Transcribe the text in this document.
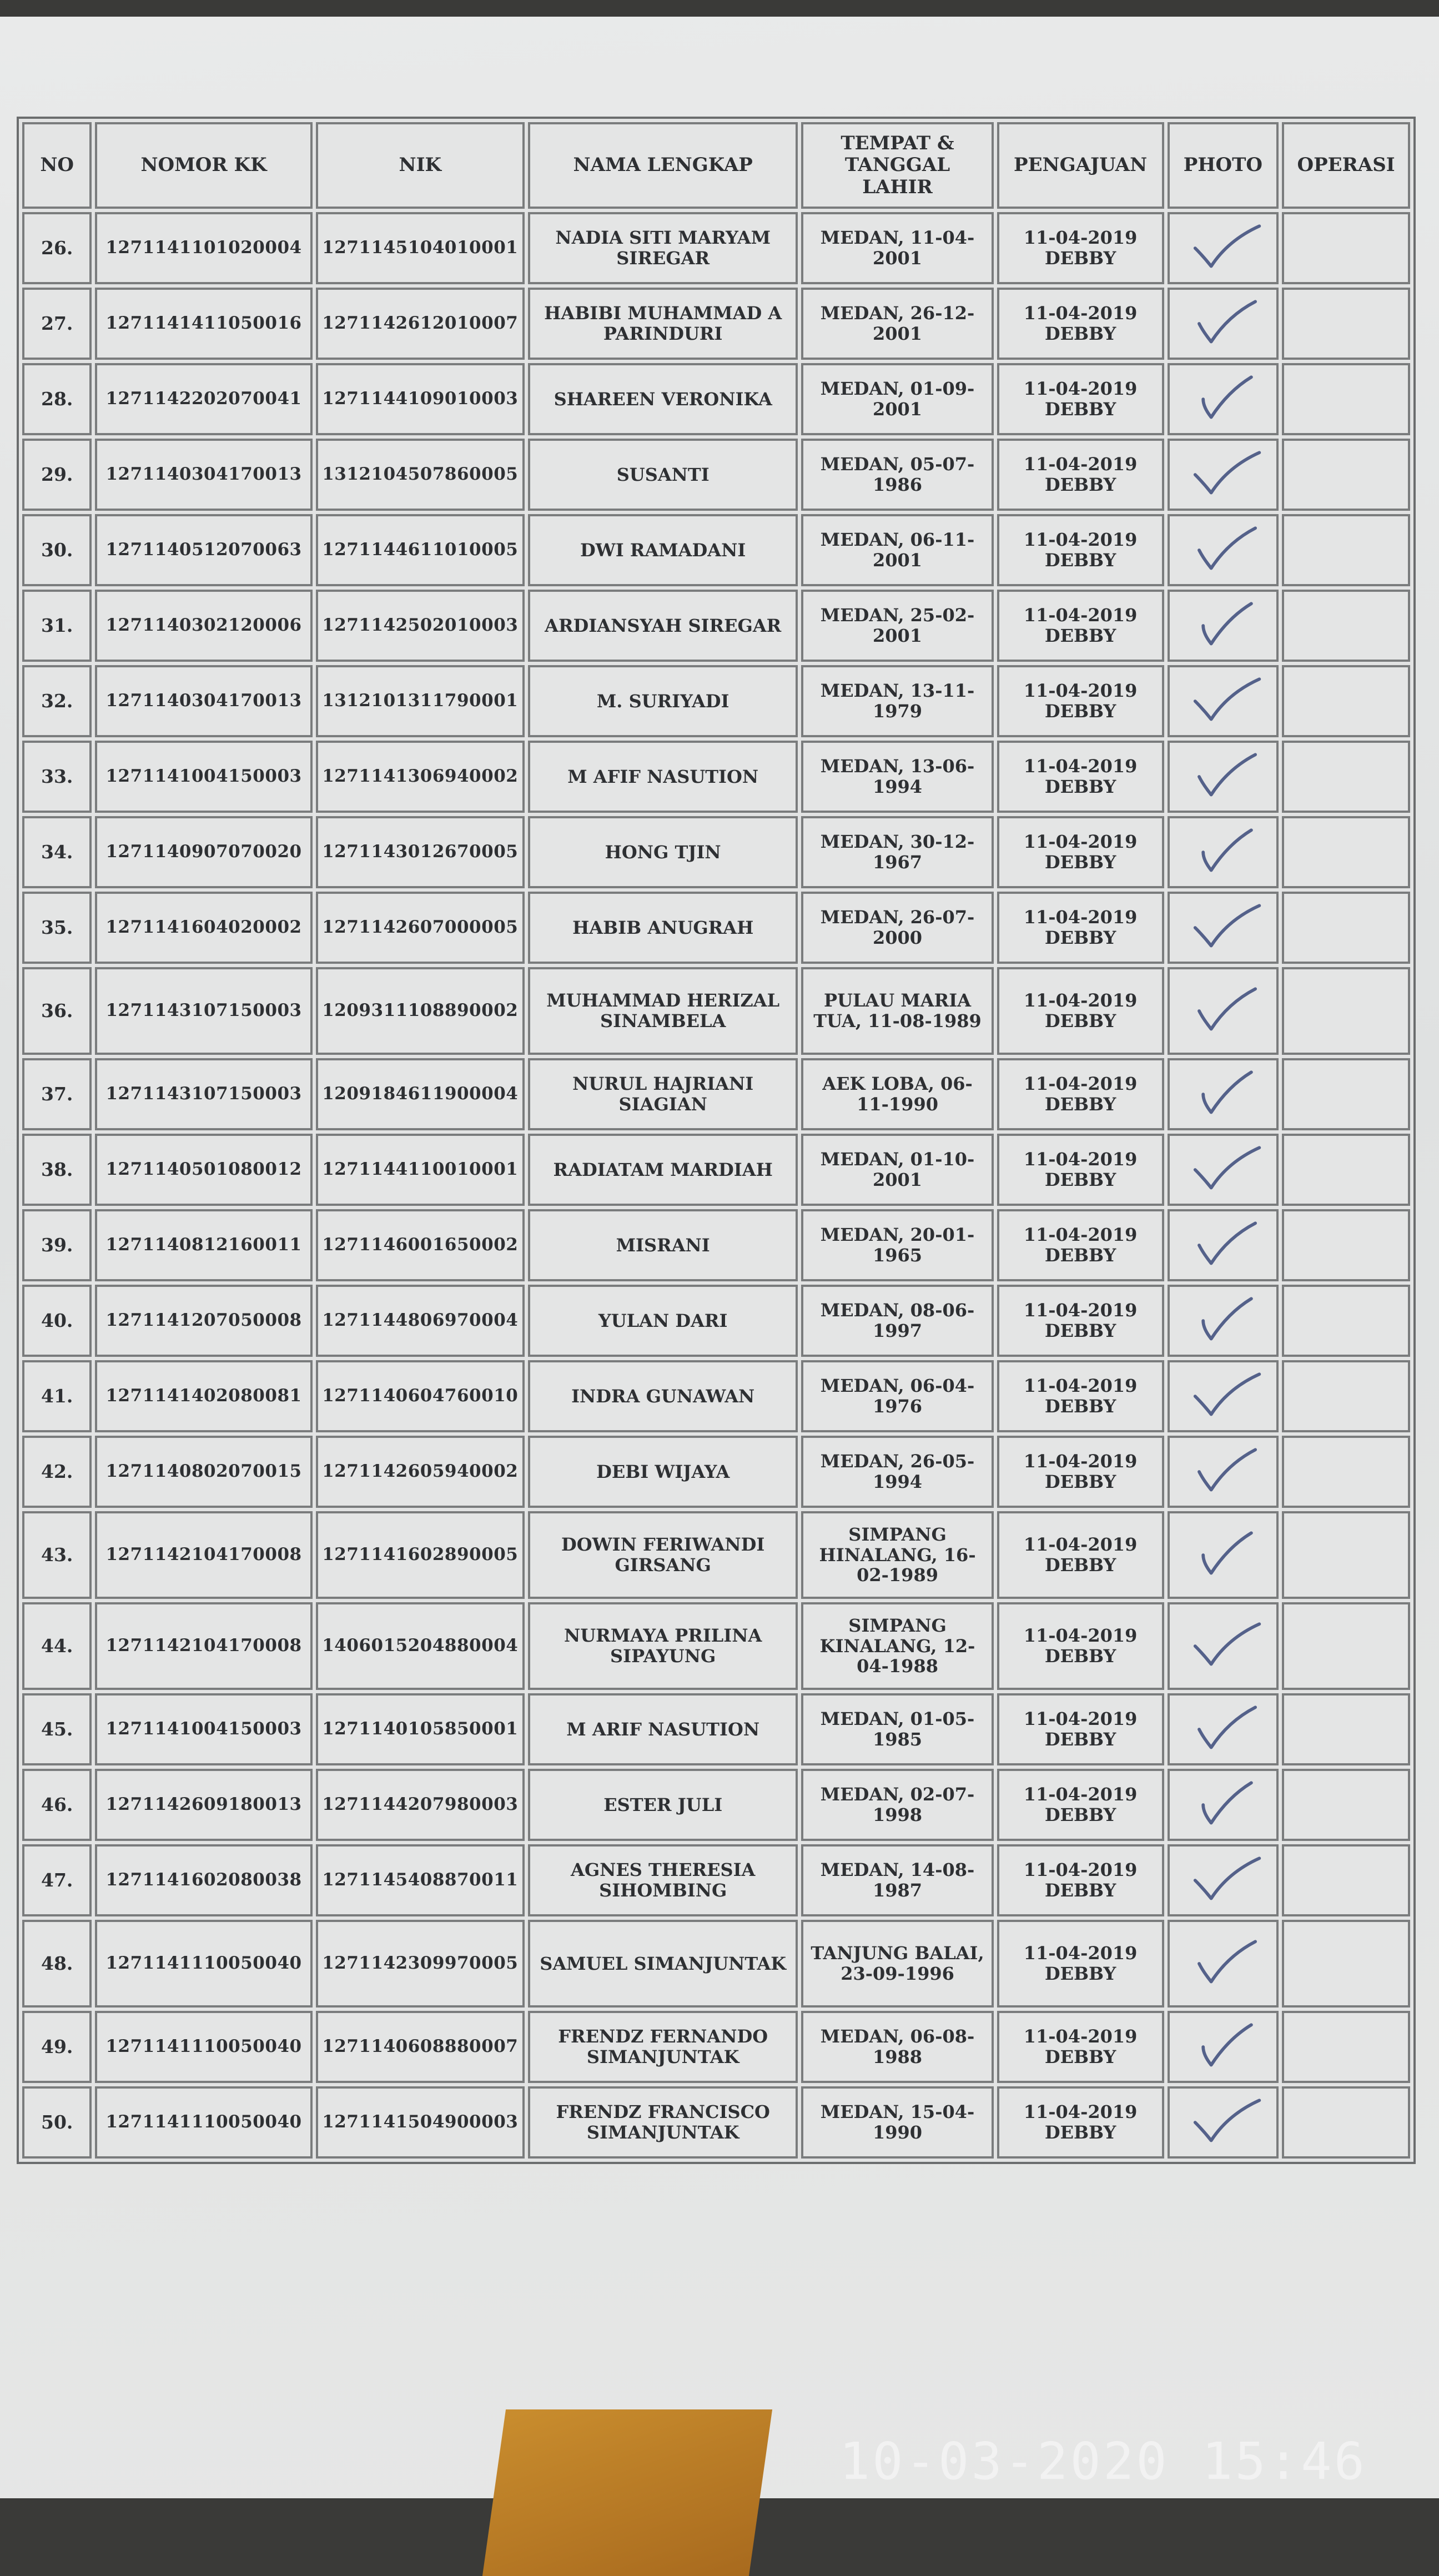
NO	NOMOR KK	NIK	NAMA LENGKAP	TEMPAT & TANGGAL LAHIR	PENGAJUAN	PHOTO	OPERASI
26.	1271141101020004	1271145104010001	NADIA SITI MARYAM SIREGAR	MEDAN, 11-04-2001	11-04-2019 DEBBY	

27.	1271141411050016	1271142612010007	HABIBI MUHAMMAD A PARINDURI	MEDAN, 26-12-2001	11-04-2019 DEBBY	

28.	1271142202070041	1271144109010003	SHAREEN VERONIKA	MEDAN, 01-09-2001	11-04-2019 DEBBY	

29.	1271140304170013	1312104507860005	SUSANTI	MEDAN, 05-07-1986	11-04-2019 DEBBY	

30.	1271140512070063	1271144611010005	DWI RAMADANI	MEDAN, 06-11-2001	11-04-2019 DEBBY	

31.	1271140302120006	1271142502010003	ARDIANSYAH SIREGAR	MEDAN, 25-02-2001	11-04-2019 DEBBY	

32.	1271140304170013	1312101311790001	M. SURIYADI	MEDAN, 13-11-1979	11-04-2019 DEBBY	

33.	1271141004150003	1271141306940002	M AFIF NASUTION	MEDAN, 13-06-1994	11-04-2019 DEBBY	

34.	1271140907070020	1271143012670005	HONG TJIN	MEDAN, 30-12-1967	11-04-2019 DEBBY	

35.	1271141604020002	1271142607000005	HABIB ANUGRAH	MEDAN, 26-07-2000	11-04-2019 DEBBY	

36.	1271143107150003	1209311108890002	MUHAMMAD HERIZAL SINAMBELA	PULAU MARIA TUA, 11-08-1989	11-04-2019 DEBBY	

37.	1271143107150003	1209184611900004	NURUL HAJRIANI SIAGIAN	AEK LOBA, 06-11-1990	11-04-2019 DEBBY	

38.	1271140501080012	1271144110010001	RADIATAM MARDIAH	MEDAN, 01-10-2001	11-04-2019 DEBBY	

39.	1271140812160011	1271146001650002	MISRANI	MEDAN, 20-01-1965	11-04-2019 DEBBY	

40.	1271141207050008	1271144806970004	YULAN DARI	MEDAN, 08-06-1997	11-04-2019 DEBBY	

41.	1271141402080081	1271140604760010	INDRA GUNAWAN	MEDAN, 06-04-1976	11-04-2019 DEBBY	

42.	1271140802070015	1271142605940002	DEBI WIJAYA	MEDAN, 26-05-1994	11-04-2019 DEBBY	

43.	1271142104170008	1271141602890005	DOWIN FERIWANDI GIRSANG	SIMPANG HINALANG, 16-02-1989	11-04-2019 DEBBY	

44.	1271142104170008	1406015204880004	NURMAYA PRILINA SIPAYUNG	SIMPANG KINALANG, 12-04-1988	11-04-2019 DEBBY	

45.	1271141004150003	1271140105850001	M ARIF NASUTION	MEDAN, 01-05-1985	11-04-2019 DEBBY	

46.	1271142609180013	1271144207980003	ESTER JULI	MEDAN, 02-07-1998	11-04-2019 DEBBY	

47.	1271141602080038	1271145408870011	AGNES THERESIA SIHOMBING	MEDAN, 14-08-1987	11-04-2019 DEBBY	

48.	1271141110050040	1271142309970005	SAMUEL SIMANJUNTAK	TANJUNG BALAI, 23-09-1996	11-04-2019 DEBBY	

49.	1271141110050040	1271140608880007	FRENDZ FERNANDO SIMANJUNTAK	MEDAN, 06-08-1988	11-04-2019 DEBBY	

50.	1271141110050040	1271141504900003	FRENDZ FRANCISCO SIMANJUNTAK	MEDAN, 15-04-1990	11-04-2019 DEBBY	

10-03-2020 15:46
